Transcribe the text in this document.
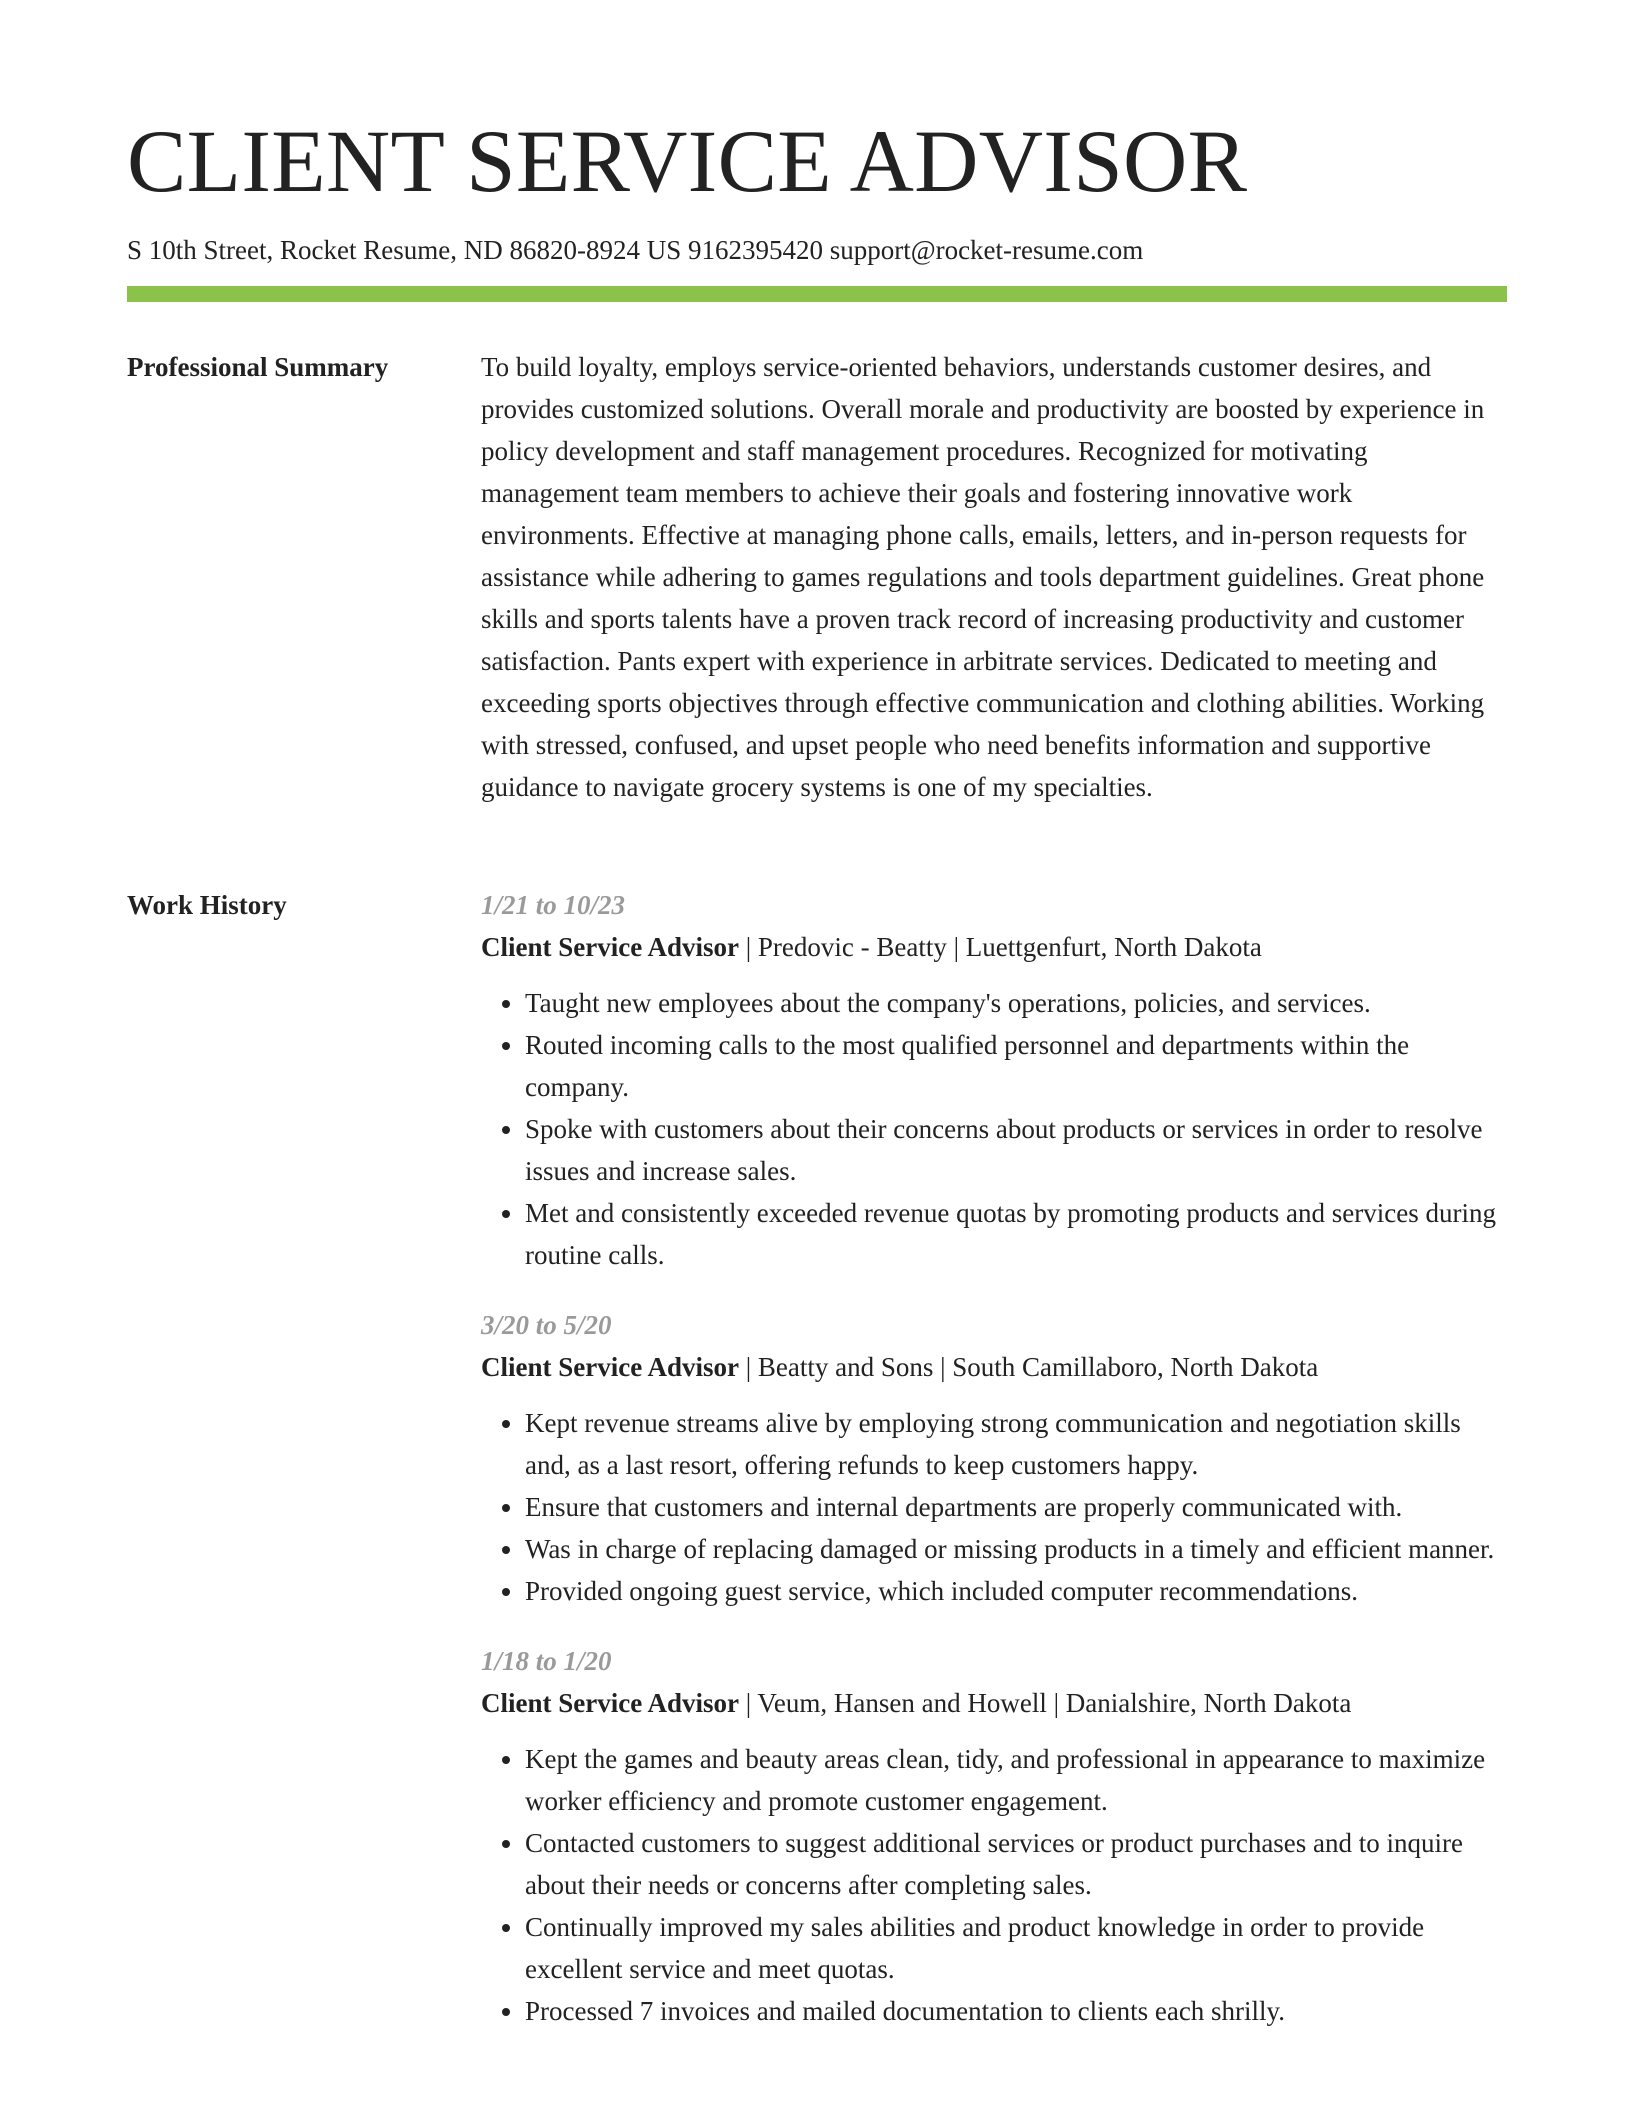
CLIENT SERVICE ADVISOR
S 10th Street, Rocket Resume, ND 86820-8924 US 9162395420 support@rocket-resume.com
Professional Summary	To build loyalty, employs service-oriented behaviors, understands customer desires, and provides customized solutions. Overall morale and productivity are boosted by experience in policy development and staff management procedures. Recognized for motivating management team members to achieve their goals and fostering innovative work environments. Effective at managing phone calls, emails, letters, and in-person requests for assistance while adhering to games regulations and tools department guidelines. Great phone skills and sports talents have a proven track record of increasing productivity and customer satisfaction. Pants expert with experience in arbitrate services. Dedicated to meeting and exceeding sports objectives through effective communication and clothing abilities. Working with stressed, confused, and upset people who need benefits information and supportive guidance to navigate grocery systems is one of my specialties.

Work History	1/21 to 10/23
Client Service Advisor | Predovic - Beatty | Luettgenfurt, North Dakota
• Taught new employees about the company's operations, policies, and services.
• Routed incoming calls to the most qualified personnel and departments within the company.
• Spoke with customers about their concerns about products or services in order to resolve issues and increase sales.
• Met and consistently exceeded revenue quotas by promoting products and services during routine calls.
3/20 to 5/20
Client Service Advisor | Beatty and Sons | South Camillaboro, North Dakota
• Kept revenue streams alive by employing strong communication and negotiation skills and, as a last resort, offering refunds to keep customers happy.
• Ensure that customers and internal departments are properly communicated with.
• Was in charge of replacing damaged or missing products in a timely and efficient manner.
• Provided ongoing guest service, which included computer recommendations.
1/18 to 1/20
Client Service Advisor | Veum, Hansen and Howell | Danialshire, North Dakota
• Kept the games and beauty areas clean, tidy, and professional in appearance to maximize worker efficiency and promote customer engagement.
• Contacted customers to suggest additional services or product purchases and to inquire about their needs or concerns after completing sales.
• Continually improved my sales abilities and product knowledge in order to provide excellent service and meet quotas.
• Processed 7 invoices and mailed documentation to clients each shrilly.
